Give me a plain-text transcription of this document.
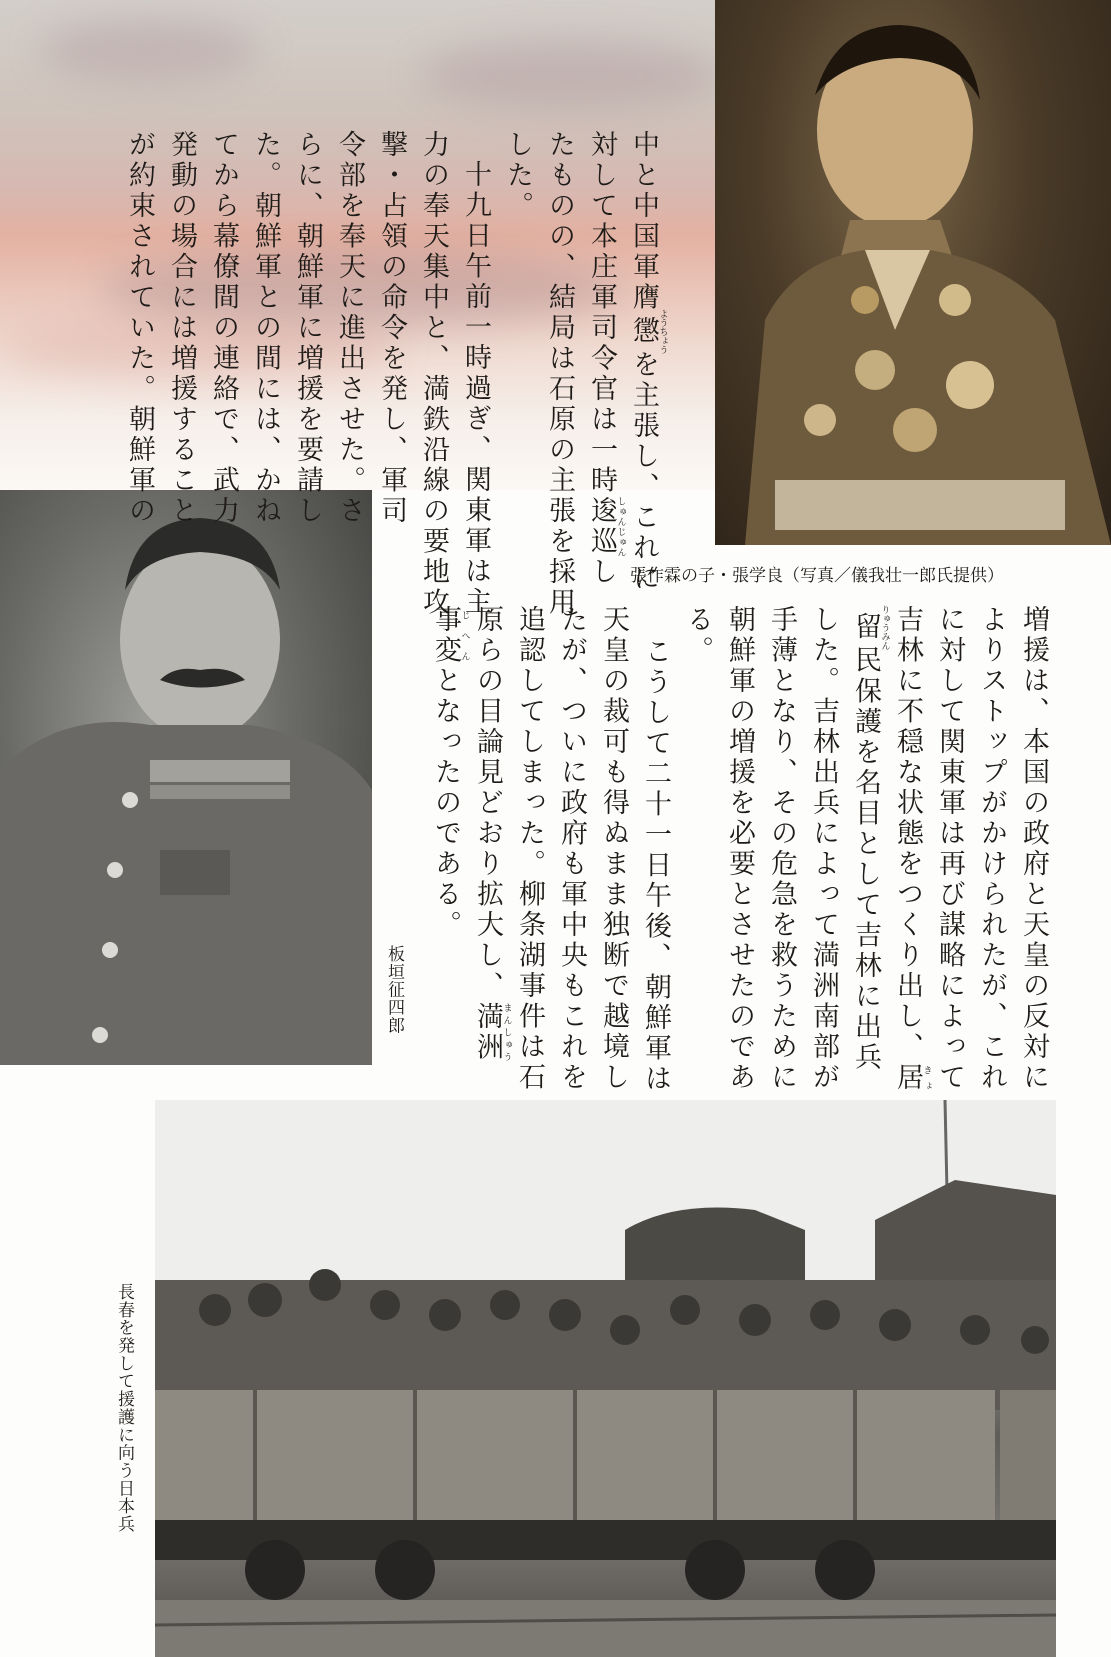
張作霖の子・張学良（写真／儀我壮一郎氏提供）
板垣征四郎
長春を発して援護に向う日本兵
中と中国軍膺懲ようちょうを主張し、これに
対して本庄軍司令官は一時逡巡しゅんじゅんし
たものの、結局は石原の主張を採用
した。
十九日午前一時過ぎ、関東軍は主
力の奉天集中と、満鉄沿線の要地攻
撃・占領の命令を発し、軍司
令部を奉天に進出させた。さ
らに、朝鮮軍に増援を要請し
た。朝鮮軍との間には、かね
てから幕僚間の連絡で、武力
発動の場合には増援すること
が約束されていた。朝鮮軍の
増援は、本国の政府と天皇の反対に
よりストップがかけられたが、これ
に対して関東軍は再び謀略によって
吉林に不穏な状態をつくり出し、居きょ
留りゅうみん民保護を名目として吉林に出兵
した。吉林出兵によって満洲南部が
手薄となり、その危急を救うために
朝鮮軍の増援を必要とさせたのであ
る。
こうして二十一日午後、朝鮮軍は
天皇の裁可も得ぬまま独断で越境し
たが、ついに政府も軍中央もこれを
追認してしまった。柳条湖事件は石
原らの目論見どおり拡大し、満洲まんしゅう
事変じへんとなったのである。
